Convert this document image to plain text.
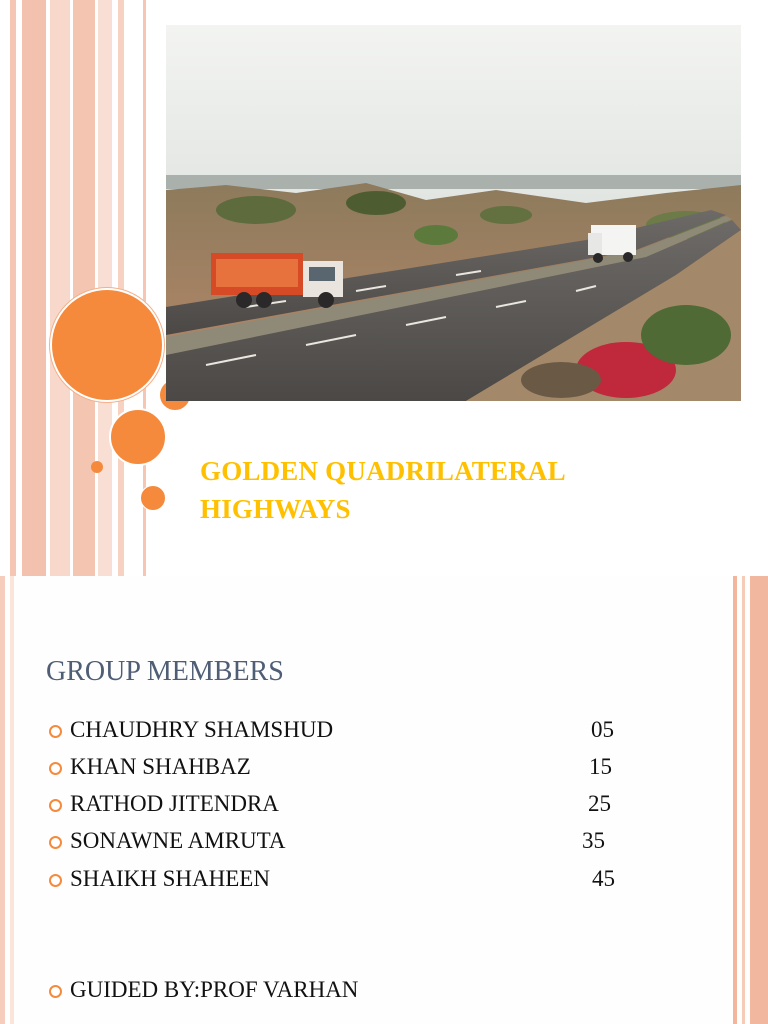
GOLDEN QUADRILATERAL
HIGHWAYS
GROUP MEMBERS
CHAUDHRY SHAMSHUD	05
KHAN SHAHBAZ	15
RATHOD JITENDRA	25
SONAWNE AMRUTA	35
SHAIKH SHAHEEN	45
GUIDED BY:PROF VARHAN
